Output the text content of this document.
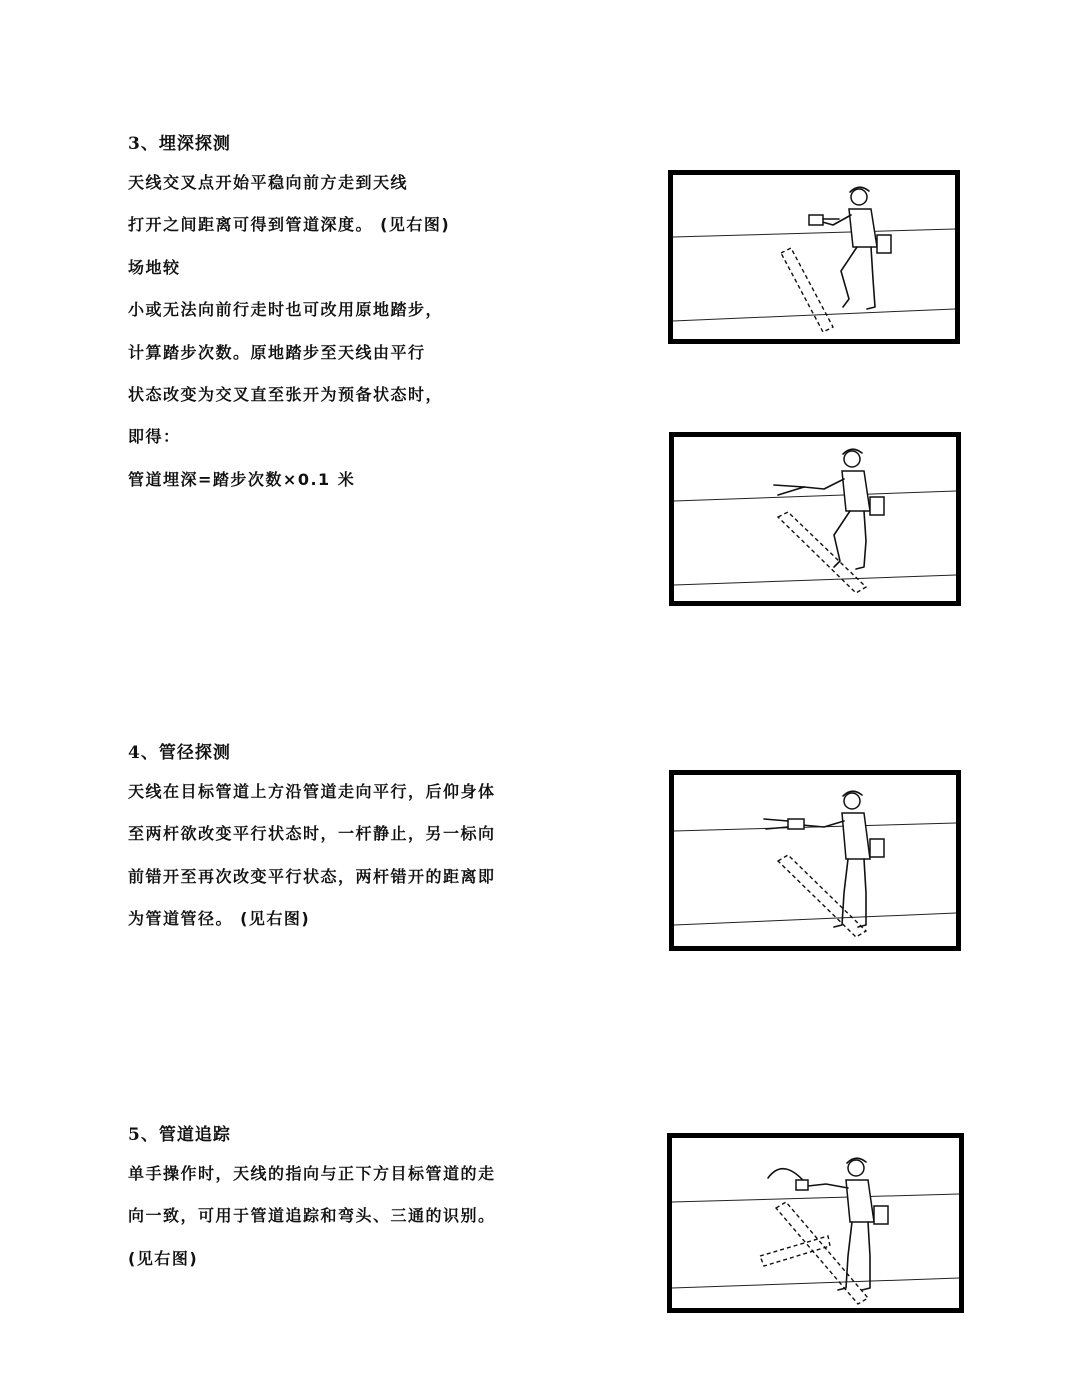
3、埋深探测
天线交叉点开始平稳向前方走到天线
打开之间距离可得到管道深度。 (见右图)
场地较
小或无法向前行走时也可改用原地踏步，
计算踏步次数。原地踏步至天线由平行
状态改变为交叉直至张开为预备状态时，
即得：
管道埋深=踏步次数×0.1 米
4、管径探测
天线在目标管道上方沿管道走向平行，后仰身体
至两杆欲改变平行状态时，一杆静止，另一标向
前错开至再次改变平行状态，两杆错开的距离即
为管道管径。 (见右图)
5、管道追踪
单手操作时，天线的指向与正下方目标管道的走
向一致，可用于管道追踪和弯头、三通的识别。
(见右图)
